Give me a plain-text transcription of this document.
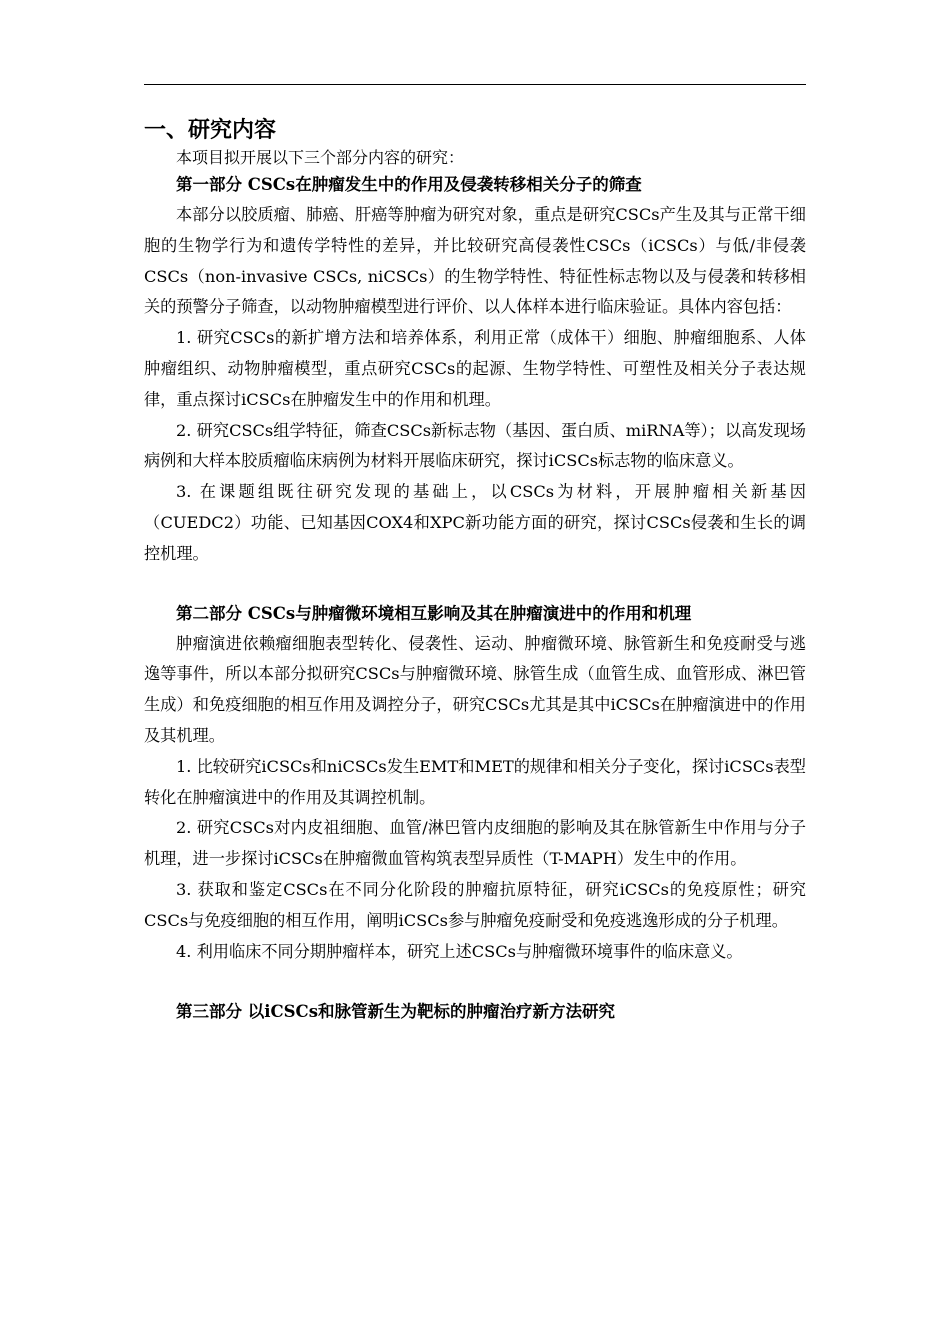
一、研究内容

本项目拟开展以下三个部分内容的研究：

第一部分 CSCs在肿瘤发生中的作用及侵袭转移相关分子的筛查

本部分以胶质瘤、肺癌、肝癌等肿瘤为研究对象，重点是研究CSCs产生及其与正常干细胞的生物学行为和遗传学特性的差异，并比较研究高侵袭性CSCs（iCSCs）与低/非侵袭CSCs（non-invasive CSCs, niCSCs）的生物学特性、特征性标志物以及与侵袭和转移相关的预警分子筛查，以动物肿瘤模型进行评价、以人体样本进行临床验证。具体内容包括：

1. 研究CSCs的新扩增方法和培养体系，利用正常（成体干）细胞、肿瘤细胞系、人体肿瘤组织、动物肿瘤模型，重点研究CSCs的起源、生物学特性、可塑性及相关分子表达规律，重点探讨iCSCs在肿瘤发生中的作用和机理。

2. 研究CSCs组学特征，筛查CSCs新标志物（基因、蛋白质、miRNA等）；以高发现场病例和大样本胶质瘤临床病例为材料开展临床研究，探讨iCSCs标志物的临床意义。

3. 在课题组既往研究发现的基础上，以CSCs为材料，开展肿瘤相关新基因（CUEDC2）功能、已知基因COX4和XPC新功能方面的研究，探讨CSCs侵袭和生长的调控机理。

第二部分 CSCs与肿瘤微环境相互影响及其在肿瘤演进中的作用和机理

肿瘤演进依赖瘤细胞表型转化、侵袭性、运动、肿瘤微环境、脉管新生和免疫耐受与逃逸等事件，所以本部分拟研究CSCs与肿瘤微环境、脉管生成（血管生成、血管形成、淋巴管生成）和免疫细胞的相互作用及调控分子，研究CSCs尤其是其中iCSCs在肿瘤演进中的作用及其机理。

1. 比较研究iCSCs和niCSCs发生EMT和MET的规律和相关分子变化，探讨iCSCs表型转化在肿瘤演进中的作用及其调控机制。

2. 研究CSCs对内皮祖细胞、血管/淋巴管内皮细胞的影响及其在脉管新生中作用与分子机理，进一步探讨iCSCs在肿瘤微血管构筑表型异质性（T-MAPH）发生中的作用。

3. 获取和鉴定CSCs在不同分化阶段的肿瘤抗原特征，研究iCSCs的免疫原性；研究CSCs与免疫细胞的相互作用，阐明iCSCs参与肿瘤免疫耐受和免疫逃逸形成的分子机理。

4. 利用临床不同分期肿瘤样本，研究上述CSCs与肿瘤微环境事件的临床意义。

第三部分 以iCSCs和脉管新生为靶标的肿瘤治疗新方法研究
